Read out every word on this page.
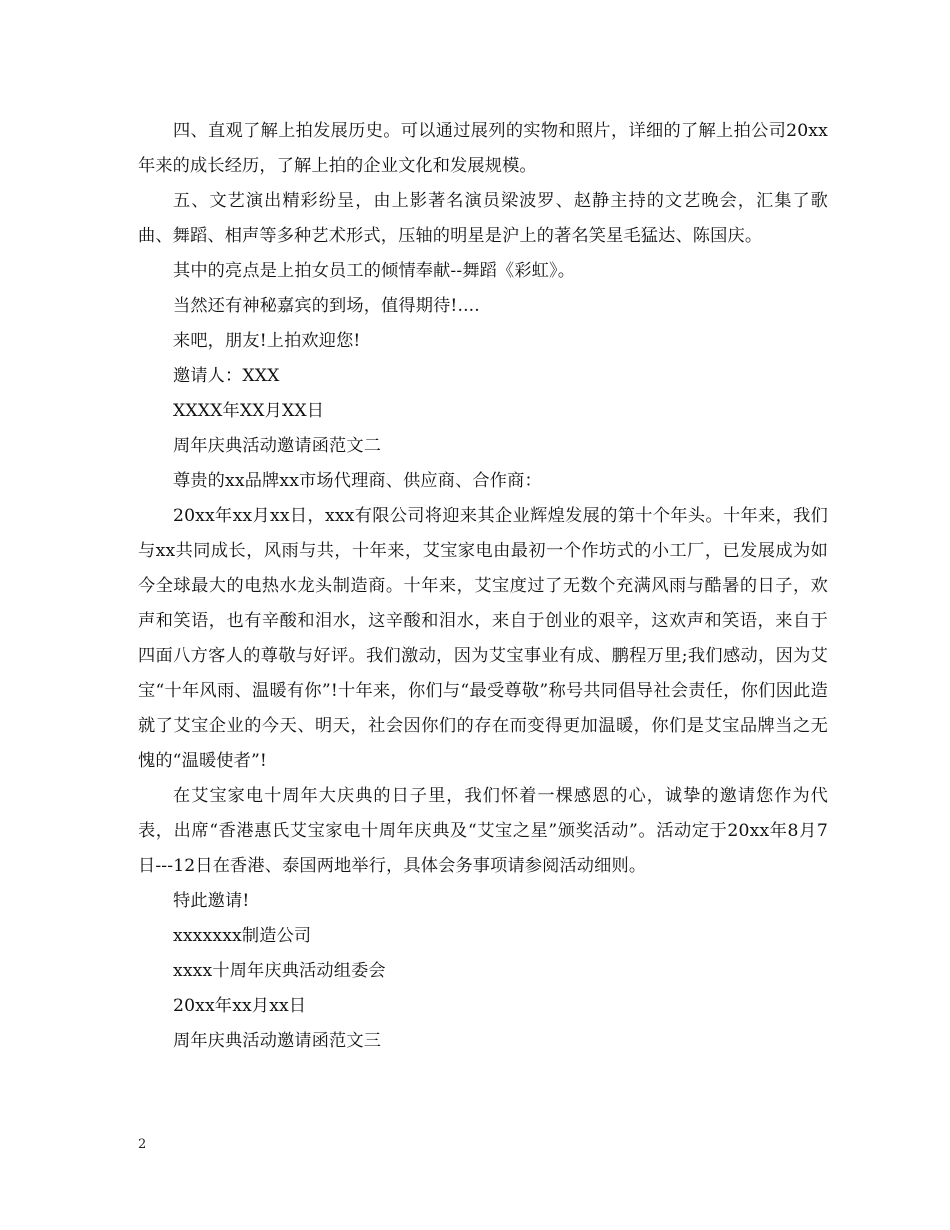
四、直观了解上拍发展历史。可以通过展列的实物和照片，详细的了解上拍公司20xx年来的成长经历，了解上拍的企业文化和发展规模。

五、文艺演出精彩纷呈，由上影著名演员梁波罗、赵静主持的文艺晚会，汇集了歌曲、舞蹈、相声等多种艺术形式，压轴的明星是沪上的著名笑星毛猛达、陈国庆。

其中的亮点是上拍女员工的倾情奉献--舞蹈《彩虹》。

当然还有神秘嘉宾的到场，值得期待!....

来吧，朋友!上拍欢迎您!

邀请人：XXX

XXXX年XX月XX日

周年庆典活动邀请函范文二

尊贵的xx品牌xx市场代理商、供应商、合作商：

20xx年xx月xx日，xxx有限公司将迎来其企业辉煌发展的第十个年头。十年来，我们与xx共同成长，风雨与共，十年来，艾宝家电由最初一个作坊式的小工厂，已发展成为如今全球最大的电热水龙头制造商。十年来，艾宝度过了无数个充满风雨与酷暑的日子，欢声和笑语，也有辛酸和泪水，这辛酸和泪水，来自于创业的艰辛，这欢声和笑语，来自于四面八方客人的尊敬与好评。我们激动，因为艾宝事业有成、鹏程万里;我们感动，因为艾宝“十年风雨、温暖有你”!十年来，你们与“最受尊敬”称号共同倡导社会责任，你们因此造就了艾宝企业的今天、明天，社会因你们的存在而变得更加温暖，你们是艾宝品牌当之无愧的“温暖使者”!

在艾宝家电十周年大庆典的日子里，我们怀着一棵感恩的心，诚挚的邀请您作为代表，出席“香港惠氏艾宝家电十周年庆典及“艾宝之星”颁奖活动”。活动定于20xx年8月7日---12日在香港、泰国两地举行，具体会务事项请参阅活动细则。

特此邀请!

xxxxxxx制造公司

xxxx十周年庆典活动组委会

20xx年xx月xx日

周年庆典活动邀请函范文三

2
